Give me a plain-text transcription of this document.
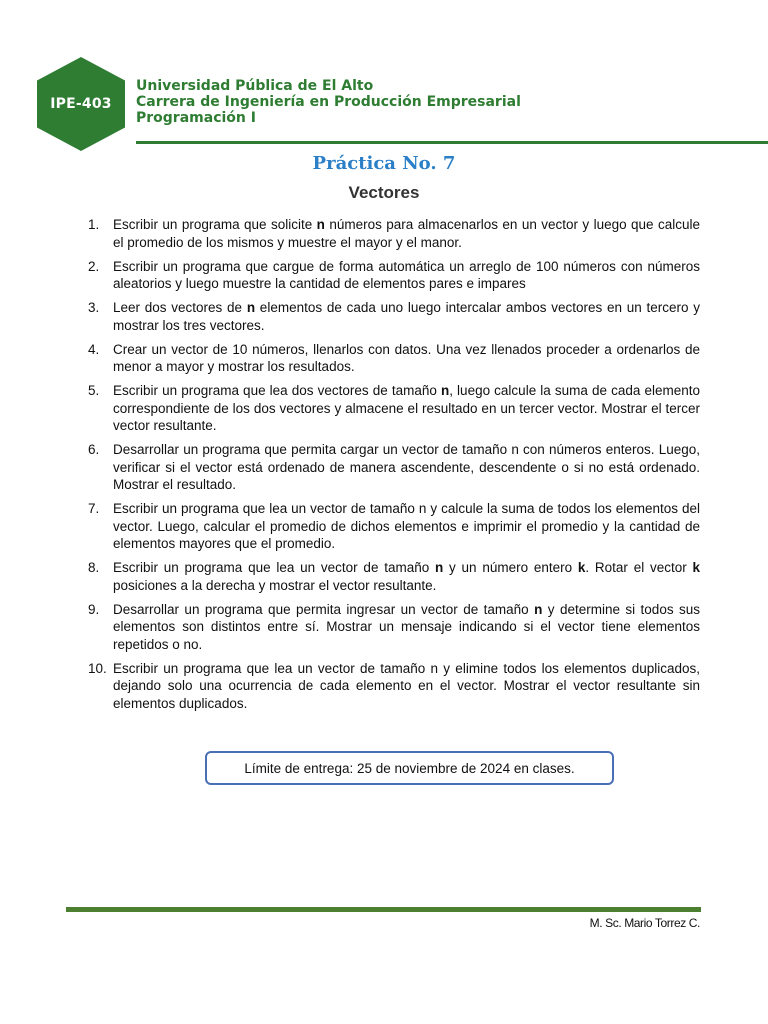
IPE-403
Universidad Pública de El Alto
Carrera de Ingeniería en Producción Empresarial
Programación I
Práctica No. 7
Vectores
1. Escribir un programa que solicite n números para almacenarlos en un vector y luego que calcule el promedio de los mismos y muestre el mayor y el manor.
2. Escribir un programa que cargue de forma automática un arreglo de 100 números con números aleatorios y luego muestre la cantidad de elementos pares e impares
3. Leer dos vectores de n elementos de cada uno luego intercalar ambos vectores en un tercero y mostrar los tres vectores.
4. Crear un vector de 10 números, llenarlos con datos. Una vez llenados proceder a ordenarlos de menor a mayor y mostrar los resultados.
5. Escribir un programa que lea dos vectores de tamaño n, luego calcule la suma de cada elemento correspondiente de los dos vectores y almacene el resultado en un tercer vector. Mostrar el tercer vector resultante.
6. Desarrollar un programa que permita cargar un vector de tamaño n con números enteros. Luego, verificar si el vector está ordenado de manera ascendente, descendente o si no está ordenado. Mostrar el resultado.
7. Escribir un programa que lea un vector de tamaño n y calcule la suma de todos los elementos del vector. Luego, calcular el promedio de dichos elementos e imprimir el promedio y la cantidad de elementos mayores que el promedio.
8. Escribir un programa que lea un vector de tamaño n y un número entero k. Rotar el vector k posiciones a la derecha y mostrar el vector resultante.
9. Desarrollar un programa que permita ingresar un vector de tamaño n y determine si todos sus elementos son distintos entre sí. Mostrar un mensaje indicando si el vector tiene elementos repetidos o no.
10. Escribir un programa que lea un vector de tamaño n y elimine todos los elementos duplicados, dejando solo una ocurrencia de cada elemento en el vector. Mostrar el vector resultante sin elementos duplicados.
Límite de entrega: 25 de noviembre de 2024 en clases.
M. Sc. Mario Torrez C.
